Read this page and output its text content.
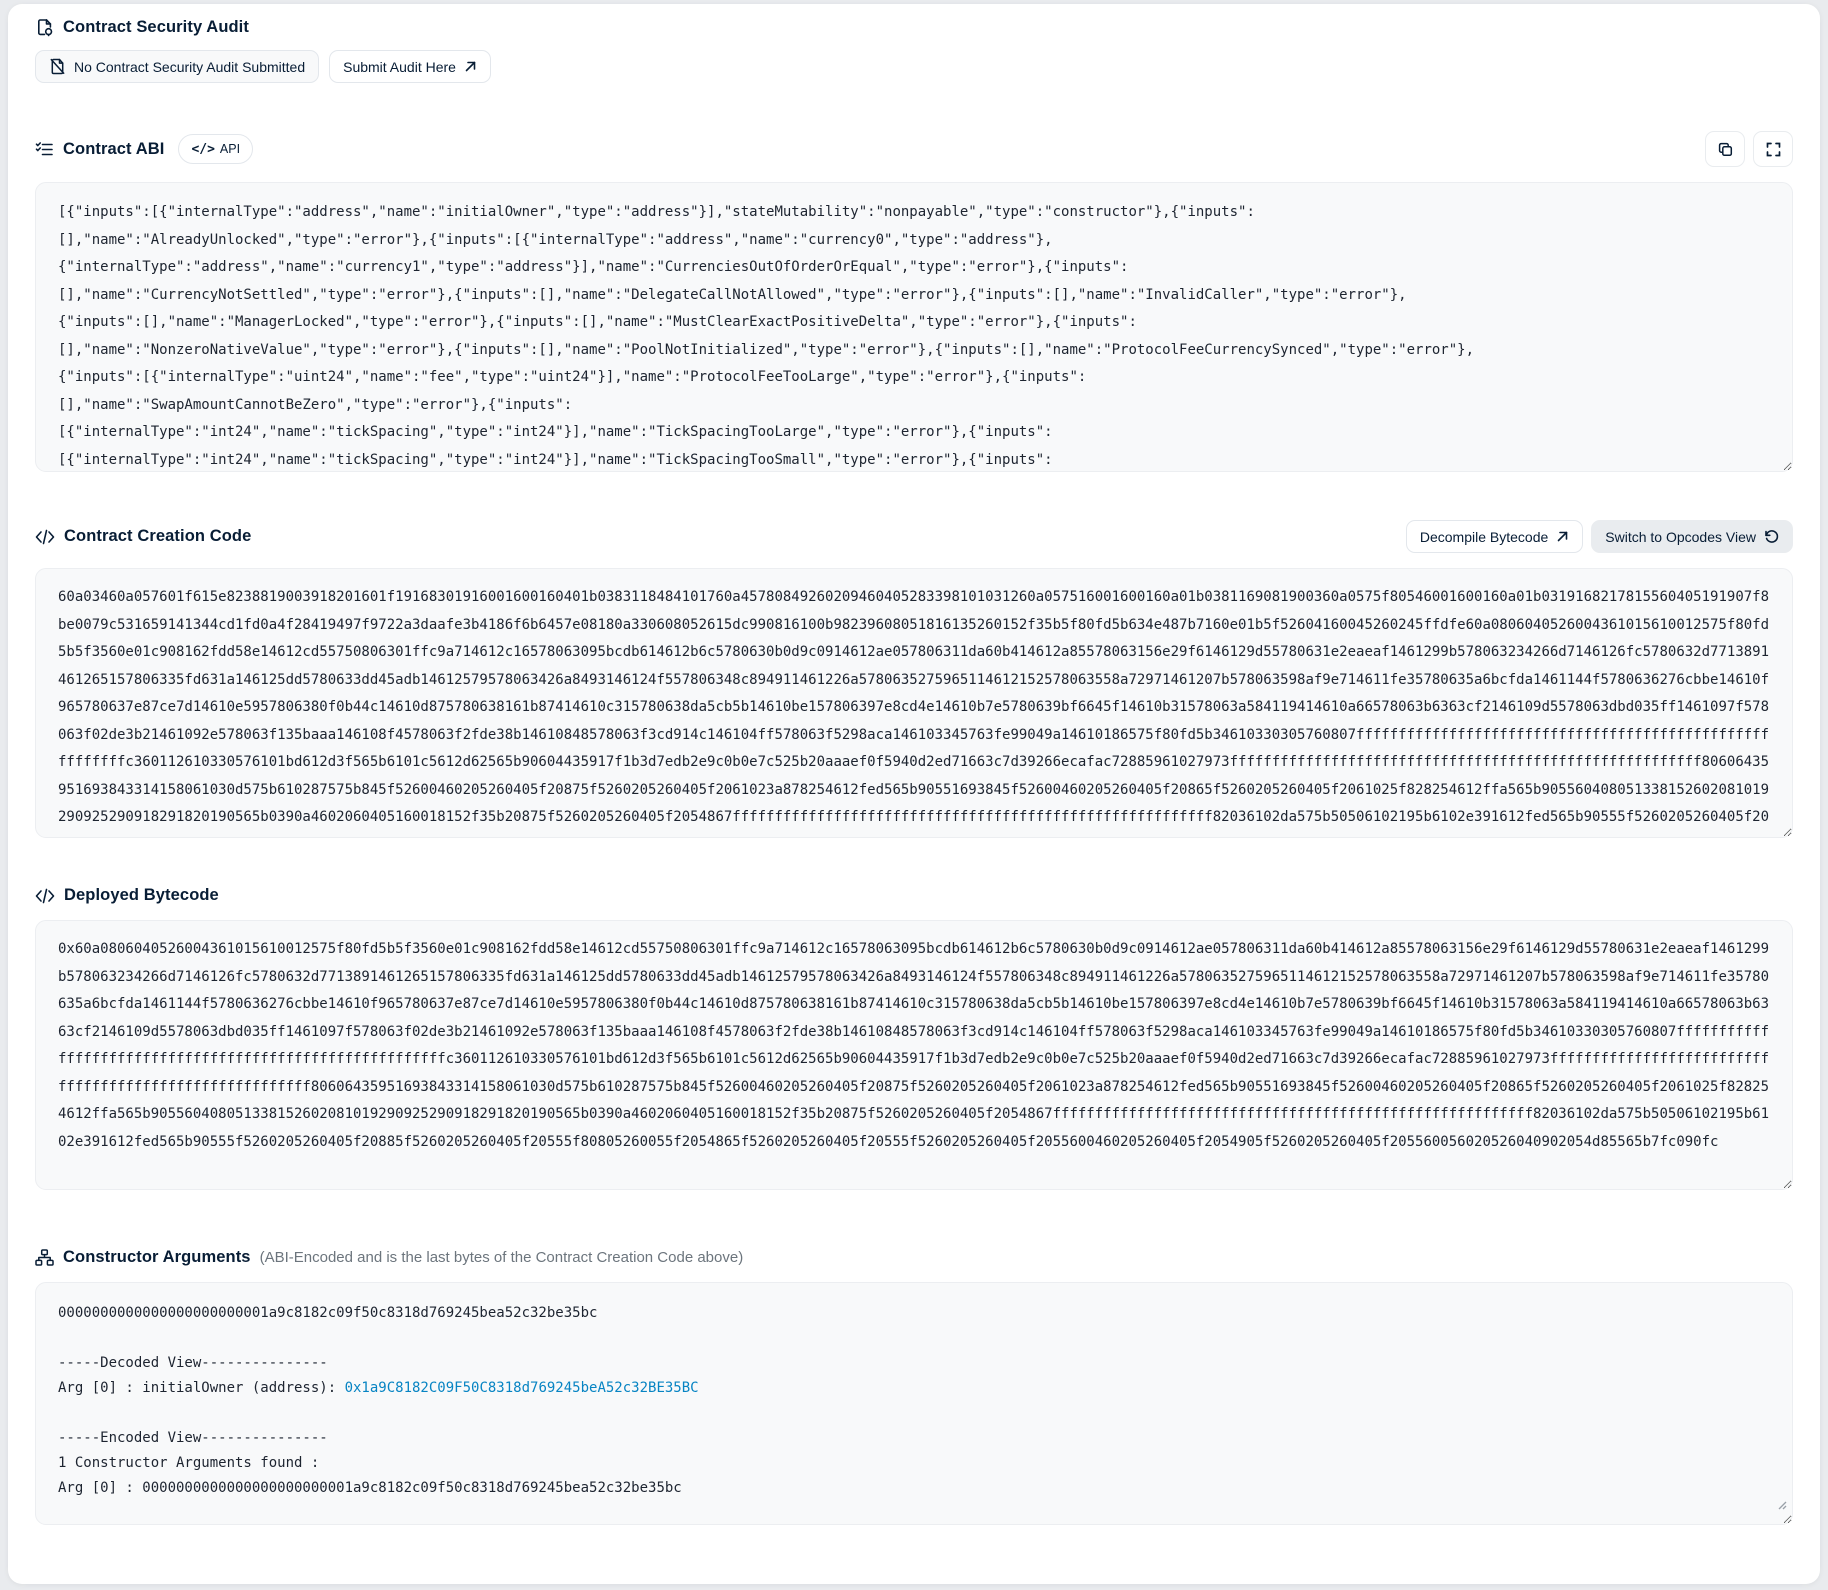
Contract Security Audit
No Contract Security Audit Submitted	Submit Audit Here
Contract ABI </> API
[{"inputs":[{"internalType":"address","name":"initialOwner","type":"address"}],"stateMutability":"nonpayable","type":"constructor"},{"inputs": [],"name":"AlreadyUnlocked","type":"error"},{"inputs":[{"internalType":"address","name":"currency0","type":"address"}, {"internalType":"address","name":"currency1","type":"address"}],"name":"CurrenciesOutOfOrderOrEqual","type":"error"},{"inputs": [],"name":"CurrencyNotSettled","type":"error"},{"inputs":[],"name":"DelegateCallNotAllowed","type":"error"},{"inputs":[],"name":"InvalidCaller","type":"error"}, {"inputs":[],"name":"ManagerLocked","type":"error"},{"inputs":[],"name":"MustClearExactPositiveDelta","type":"error"},{"inputs": [],"name":"NonzeroNativeValue","type":"error"},{"inputs":[],"name":"PoolNotInitialized","type":"error"},{"inputs":[],"name":"ProtocolFeeCurrencySynced","type":"error"}, {"inputs":[{"internalType":"uint24","name":"fee","type":"uint24"}],"name":"ProtocolFeeTooLarge","type":"error"},{"inputs": [],"name":"SwapAmountCannotBeZero","type":"error"},{"inputs": [{"internalType":"int24","name":"tickSpacing","type":"int24"}],"name":"TickSpacingTooLarge","type":"error"},{"inputs": [{"internalType":"int24","name":"tickSpacing","type":"int24"}],"name":"TickSpacingTooSmall","type":"error"},{"inputs":
Contract Creation Code	Decompile Bytecode	Switch to Opcodes View
60a03460a057601f615e8238819003918201601f19168301916001600160401b0383118484101760a45780849260209460405283398101031260a057516001600160a01b0381169081900360a0575f80546001600160a01b0319168217815560405191907f8be0079c531659141344cd1fd0a4f28419497f9722a3daafe3b4186f6b6457e08180a330608052615dc990816100b98239608051816135260152f35b5f80fd5b634e487b7160e01b5f52604160045260245ffdfe60a0806040526004361015610012575f80fd5b5f3560e01c908162fdd58e14612cd55750806301ffc9a714612c16578063095bcdb614612b6c5780630b0d9c0914612ae057806311da60b414612a85578063156e29f6146129d55780631e2eaeaf1461299b578063234266d7146126fc5780632d7713891461265157806335fd631a146125dd5780633dd45adb14612579578063426a8493146124f557806348c894911461226a5780635275965114612152578063558a72971461207b578063598af9e714611fe35780635a6bcfda1461144f5780636276cbbe14610f965780637e87ce7d14610e5957806380f0b44c14610d875780638161b87414610c315780638da5cb5b14610be157806397e8cd4e14610b7e5780639bf6645f14610b31578063a584119414610a66578063b6363cf2146109d5578063dbd035ff1461097f578063f02de3b21461092e578063f135baaa146108f4578063f2fde38b14610848578063f3cd914c146104ff578063f5298aca146103345763fe99049a14610186575f80fd5b34610330305760807fffffffffffffffffffffffffffffffffffffffffffffffffffffffffc360112610330576101bd612d3f565b6101c5612d62565b90604435917f1b3d7edb2e9c0b0e7c525b20aaaef0f5940d2ed71663c7d39266ecafac72885961027973ffffffffffffffffffffffffffffffffffffffffffffffffffffffff80606435951693843314158061030d575b610287575b845f52600460205260405f20875f5260205260405f2061023a878254612fed565b90551693845f52600460205260405f20865f5260205260405f2061025f828254612ffa565b905560408051338152602081019290925290918291820190565b0390a4602060405160018152f35b20875f5260205260405f2054867fffffffffffffffffffffffffffffffffffffffffffffffffffffffff82036102da575b50506102195b6102e391612fed565b90555f5260205260405f20885f5260205260405f20555f80805260055f2054865f5260205260405f20555f5260205260405f2055600460205260405f2054905f5260205260405f205560056020526040902054d85565b7fc090fc
Deployed Bytecode
0x60a0806040526004361015610012575f80fd5b5f3560e01c908162fdd58e14612cd55750806301ffc9a714612c16578063095bcdb614612b6c5780630b0d9c0914612ae057806311da60b414612a85578063156e29f6146129d55780631e2eaeaf1461299b578063234266d7146126fc5780632d7713891461265157806335fd631a146125dd5780633dd45adb14612579578063426a8493146124f557806348c894911461226a5780635275965114612152578063558a72971461207b578063598af9e714611fe35780635a6bcfda1461144f5780636276cbbe14610f965780637e87ce7d14610e5957806380f0b44c14610d875780638161b87414610c315780638da5cb5b14610be157806397e8cd4e14610b7e5780639bf6645f14610b31578063a584119414610a66578063b6363cf2146109d5578063dbd035ff1461097f578063f02de3b21461092e578063f135baaa146108f4578063f2fde38b14610848578063f3cd914c146104ff578063f5298aca146103345763fe99049a14610186575f80fd5b34610330305760807fffffffffffffffffffffffffffffffffffffffffffffffffffffffffc360112610330576101bd612d3f565b6101c5612d62565b90604435917f1b3d7edb2e9c0b0e7c525b20aaaef0f5940d2ed71663c7d39266ecafac72885961027973ffffffffffffffffffffffffffffffffffffffffffffffffffffffff80606435951693843314158061030d575b610287575b845f52600460205260405f20875f5260205260405f2061023a878254612fed565b90551693845f52600460205260405f20865f5260205260405f2061025f828254612ffa565b905560408051338152602081019290925290918291820190565b0390a4602060405160018152f35b20875f5260205260405f2054867fffffffffffffffffffffffffffffffffffffffffffffffffffffffff82036102da575b50506102195b6102e391612fed565b90555f5260205260405f20885f5260205260405f20555f80805260055f2054865f5260205260405f20555f5260205260405f2055600460205260405f2054905f5260205260405f205560056020526040902054d85565b7fc090fc
Constructor Arguments (ABI-Encoded and is the last bytes of the Contract Creation Code above)
0000000000000000000000001a9c8182c09f50c8318d769245bea52c32be35bc

-----Decoded View---------------
Arg [0] : initialOwner (address): 0x1a9C8182C09F50C8318d769245beA52c32BE35BC

-----Encoded View---------------
1 Constructor Arguments found :
Arg [0] : 0000000000000000000000001a9c8182c09f50c8318d769245bea52c32be35bc
